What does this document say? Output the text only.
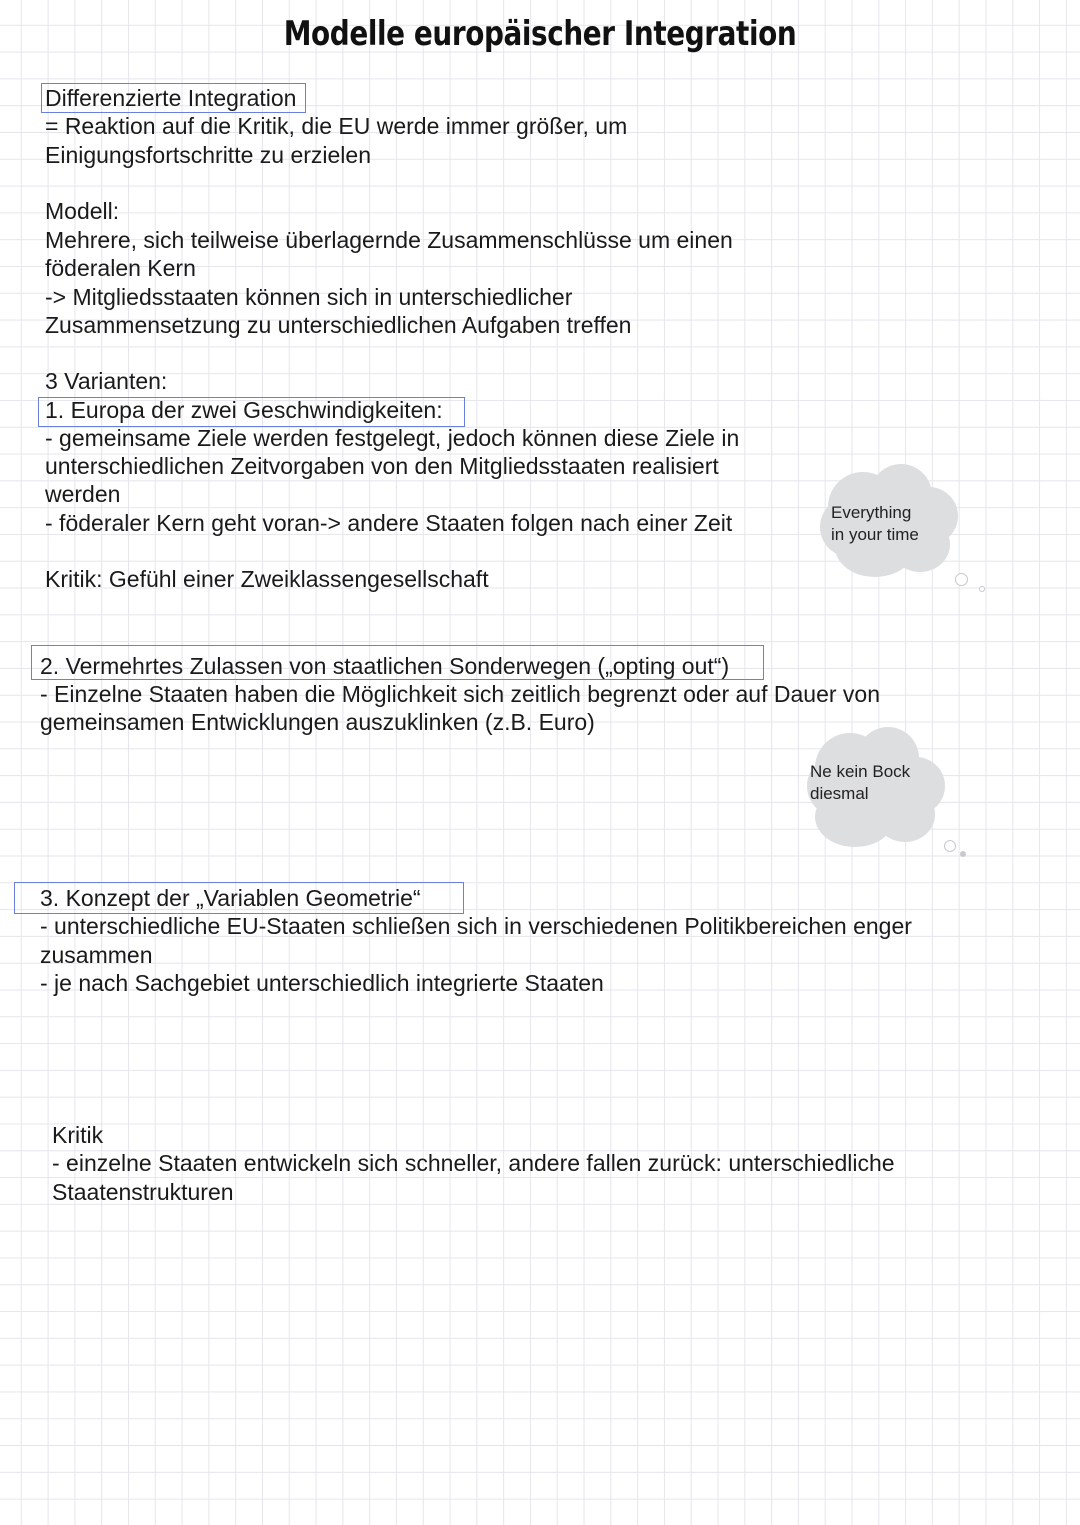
Modelle europäischer Integration
Differenzierte Integration
= Reaktion auf die Kritik, die EU werde immer größer, um
Einigungsfortschritte zu erzielen
Modell:
Mehrere, sich teilweise überlagernde Zusammenschlüsse um einen
föderalen Kern
-> Mitgliedsstaaten können sich in unterschiedlicher
Zusammensetzung zu unterschiedlichen Aufgaben treffen
3 Varianten:
1. Europa der zwei Geschwindigkeiten:
- gemeinsame Ziele werden festgelegt, jedoch können diese Ziele in
unterschiedlichen Zeitvorgaben von den Mitgliedsstaaten realisiert
werden
- föderaler Kern geht voran-> andere Staaten folgen nach einer Zeit
Kritik: Gefühl einer Zweiklassengesellschaft
Everything
in your time
2. Vermehrtes Zulassen von staatlichen Sonderwegen („opting out“)
- Einzelne Staaten haben die Möglichkeit sich zeitlich begrenzt oder auf Dauer von
gemeinsamen Entwicklungen auszuklinken (z.B. Euro)
Ne kein Bock
diesmal
3. Konzept der „Variablen Geometrie“
- unterschiedliche EU-Staaten schließen sich in verschiedenen Politikbereichen enger
zusammen
- je nach Sachgebiet unterschiedlich integrierte Staaten
Kritik
- einzelne Staaten entwickeln sich schneller, andere fallen zurück: unterschiedliche
Staatenstrukturen
